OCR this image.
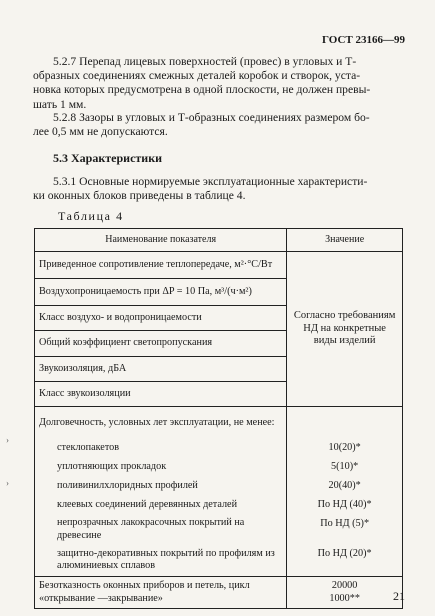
ГОСТ 23166—99
5.2.7 Перепад лицевых поверхностей (провес) в угловых и Т-
образных соединениях смежных деталей коробок и створок, уста-
новка которых предусмотрена в одной плоскости, не должен превы-
шать 1 мм.
5.2.8 Зазоры в угловых и Т-образных соединениях размером бо-
лее 0,5 мм не допускаются.
5.3 Характеристики
5.3.1 Основные нормируемые эксплуатационные характеристи-
ки оконных блоков приведены в таблице 4.
Таблица 4
Наименование показателя	Значение
Приведенное сопротивление теплопередаче, м²·°С/Вт	Согласно требованиям
НД на конкретные
виды изделий

Воздухопроницаемость при ΔP = 10 Па, м³/(ч·м²)	
Класс воздухо- и водопроницаемости	
Общий коэффициент светопропускания	
Звукоизоляция, дБА	
Класс звукоизоляции	
Долговечность, условных лет эксплуатации, не менее:	
стеклопакетов	10(20)*
уплотняющих прокладок	5(10)*
поливинилхлоридных профилей	20(40)*
клеевых соединений деревянных деталей	По НД (40)*
непрозрачных лакокрасочных покрытий на древесине	По НД (5)*
защитно-декоративных покрытий по профилям из алюминиевых сплавов	По НД (20)*
Безотказность оконных приборов и петель, цикл «открывание —закрывание»	20000
1000**
›
›
21
